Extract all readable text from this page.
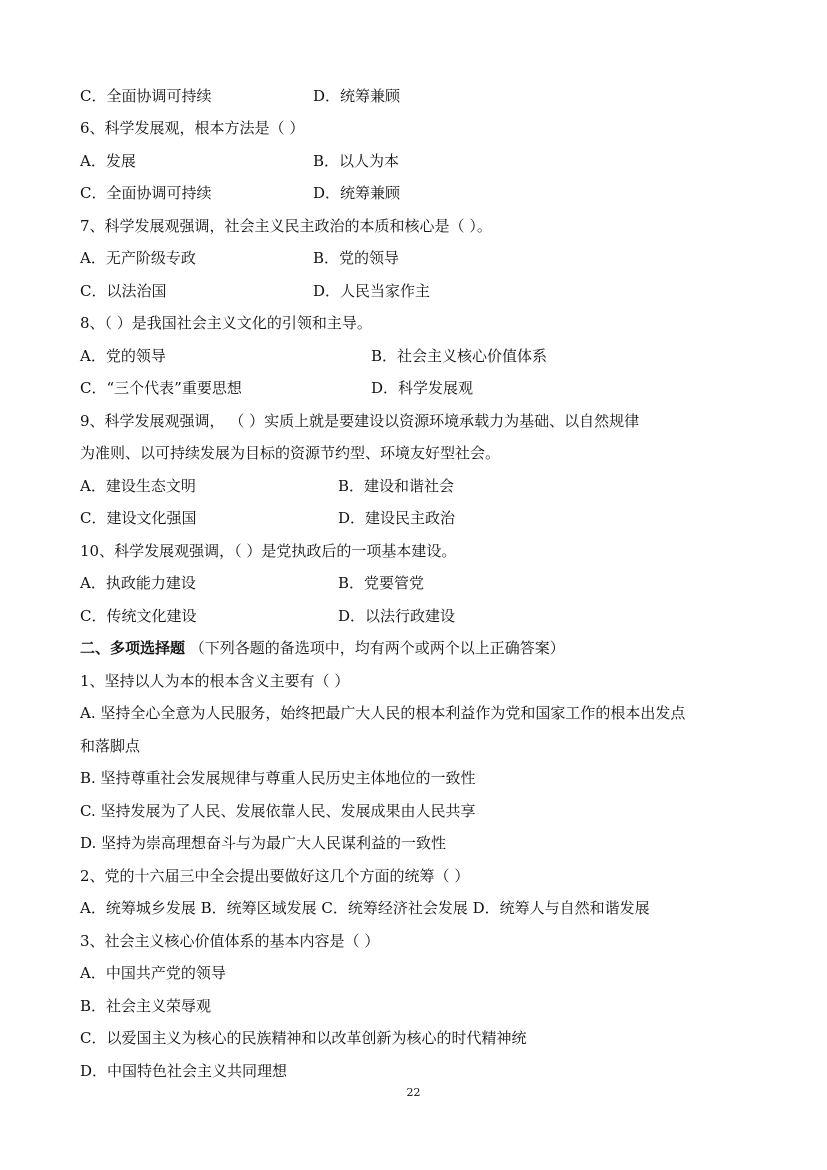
C．全面协调可持续	D．统筹兼顾
6、科学发展观，根本方法是（ ）
A．发展	B．以人为本
C．全面协调可持续	D．统筹兼顾
7、科学发展观强调，社会主义民主政治的本质和核心是（ ）。
A．无产阶级专政	B．党的领导
C．以法治国	D．人民当家作主
8、（ ）是我国社会主义文化的引领和主导。
A．党的领导	B．社会主义核心价值体系
C．“三个代表”重要思想	D．科学发展观
9、科学发展观强调， （ ）实质上就是要建设以资源环境承载力为基础、以自然规律
为准则、以可持续发展为目标的资源节约型、环境友好型社会。
A．建设生态文明	B．建设和谐社会
C．建设文化强国	D．建设民主政治
10、科学发展观强调，（ ）是党执政后的一项基本建设。
A．执政能力建设	B．党要管党
C．传统文化建设	D．以法行政建设
二、多项选择题 （下列各题的备选项中，均有两个或两个以上正确答案）
1、坚持以人为本的根本含义主要有（ ）
A. 坚持全心全意为人民服务，始终把最广大人民的根本利益作为党和国家工作的根本出发点
和落脚点
B. 坚持尊重社会发展规律与尊重人民历史主体地位的一致性
C. 坚持发展为了人民、发展依靠人民、发展成果由人民共享
D. 坚持为崇高理想奋斗与为最广大人民谋利益的一致性
2、党的十六届三中全会提出要做好这几个方面的统筹（ ）
A．统筹城乡发展 B．统筹区域发展 C．统筹经济社会发展 D．统筹人与自然和谐发展
3、社会主义核心价值体系的基本内容是（ ）
A．中国共产党的领导
B．社会主义荣辱观
C．以爱国主义为核心的民族精神和以改革创新为核心的时代精神统
D．中国特色社会主义共同理想
22
